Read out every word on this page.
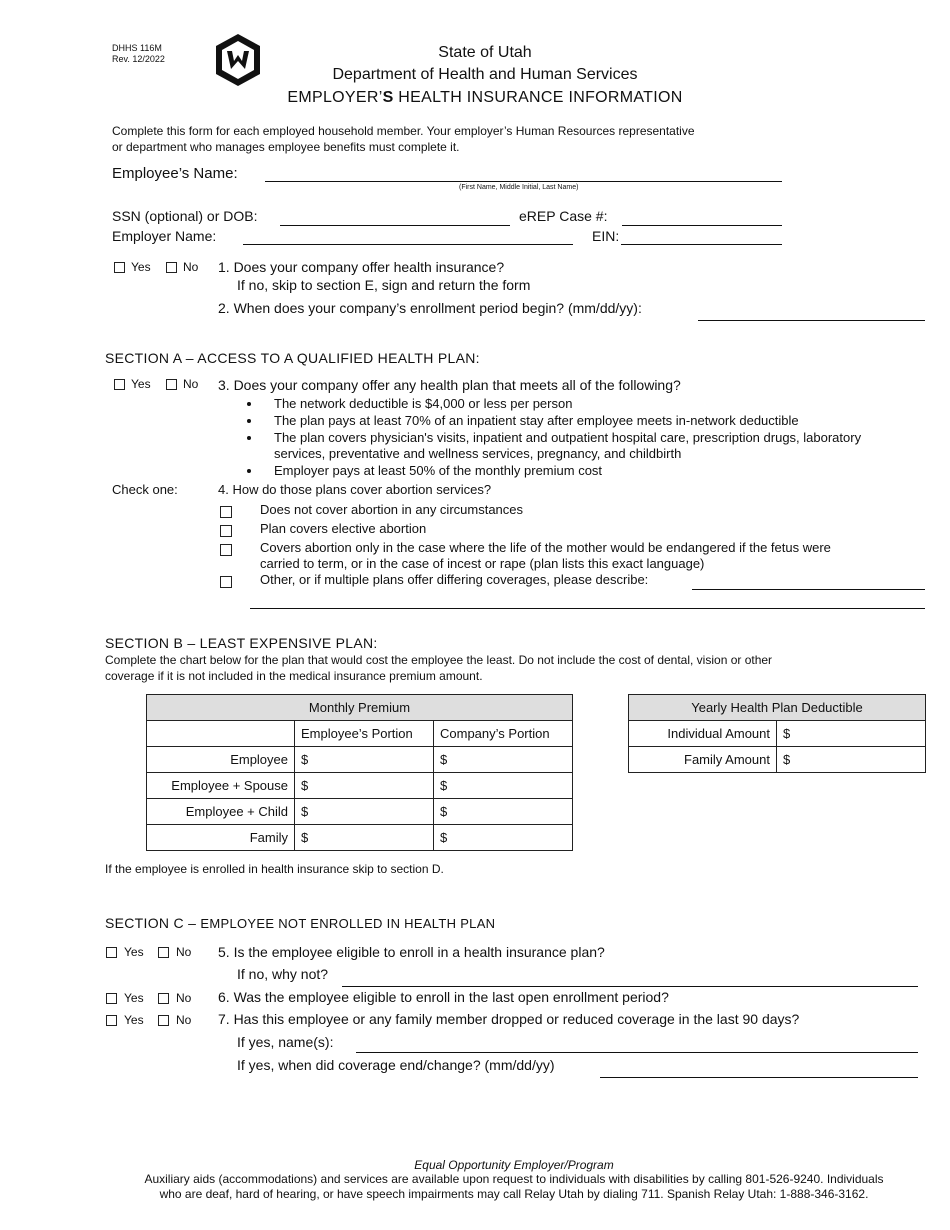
DHHS 116M
Rev. 12/2022	State of Utah
Department of Health and Human Services
EMPLOYER’S HEALTH INSURANCE INFORMATION
Complete this form for each employed household member. Your employer’s Human Resources representative
or department who manages employee benefits must complete it.
Employee’s Name:
(First Name, Middle Initial, Last Name)
SSN (optional) or DOB:	eREP Case #:
Employer Name:	EIN:
Yes	No 1. Does your company offer health insurance?
If no, skip to section E, sign and return the form
2. When does your company’s enrollment period begin? (mm/dd/yy):
SECTION A – ACCESS TO A QUALIFIED HEALTH PLAN:
Yes	No 3. Does your company offer any health plan that meets all of the following?
The network deductible is $4,000 or less per person
The plan pays at least 70% of an inpatient stay after employee meets in-network deductible
The plan covers physician's visits, inpatient and outpatient hospital care, prescription drugs, laboratory
services, preventative and wellness services, pregnancy, and childbirth
Employer pays at least 50% of the monthly premium cost
Check one:	4. How do those plans cover abortion services?
Does not cover abortion in any circumstances
Plan covers elective abortion
Covers abortion only in the case where the life of the mother would be endangered if the fetus were
carried to term, or in the case of incest or rape (plan lists this exact language)
Other, or if multiple plans offer differing coverages, please describe:
SECTION B – LEAST EXPENSIVE PLAN:
Complete the chart below for the plan that would cost the employee the least. Do not include the cost of dental, vision or other
coverage if it is not included in the medical insurance premium amount.
Monthly Premium		
	Employee’s Portion	Company’s Portion
Employee	$	$
Employee + Spouse	$	$
Employee + Child	$	$
Family	$	$
Yearly Health Plan Deductible	
Individual Amount	$
Family Amount	$
If the employee is enrolled in health insurance skip to section D.
SECTION C – EMPLOYEE NOT ENROLLED IN HEALTH PLAN
Yes	No 5. Is the employee eligible to enroll in a health insurance plan?
If no, why not?
Yes	No 6. Was the employee eligible to enroll in the last open enrollment period?
Yes	No 7. Has this employee or any family member dropped or reduced coverage in the last 90 days?
If yes, name(s):
If yes, when did coverage end/change? (mm/dd/yy)
Equal Opportunity Employer/Program
Auxiliary aids (accommodations) and services are available upon request to individuals with disabilities by calling 801-526-9240. Individuals
who are deaf, hard of hearing, or have speech impairments may call Relay Utah by dialing 711. Spanish Relay Utah: 1-888-346-3162.
